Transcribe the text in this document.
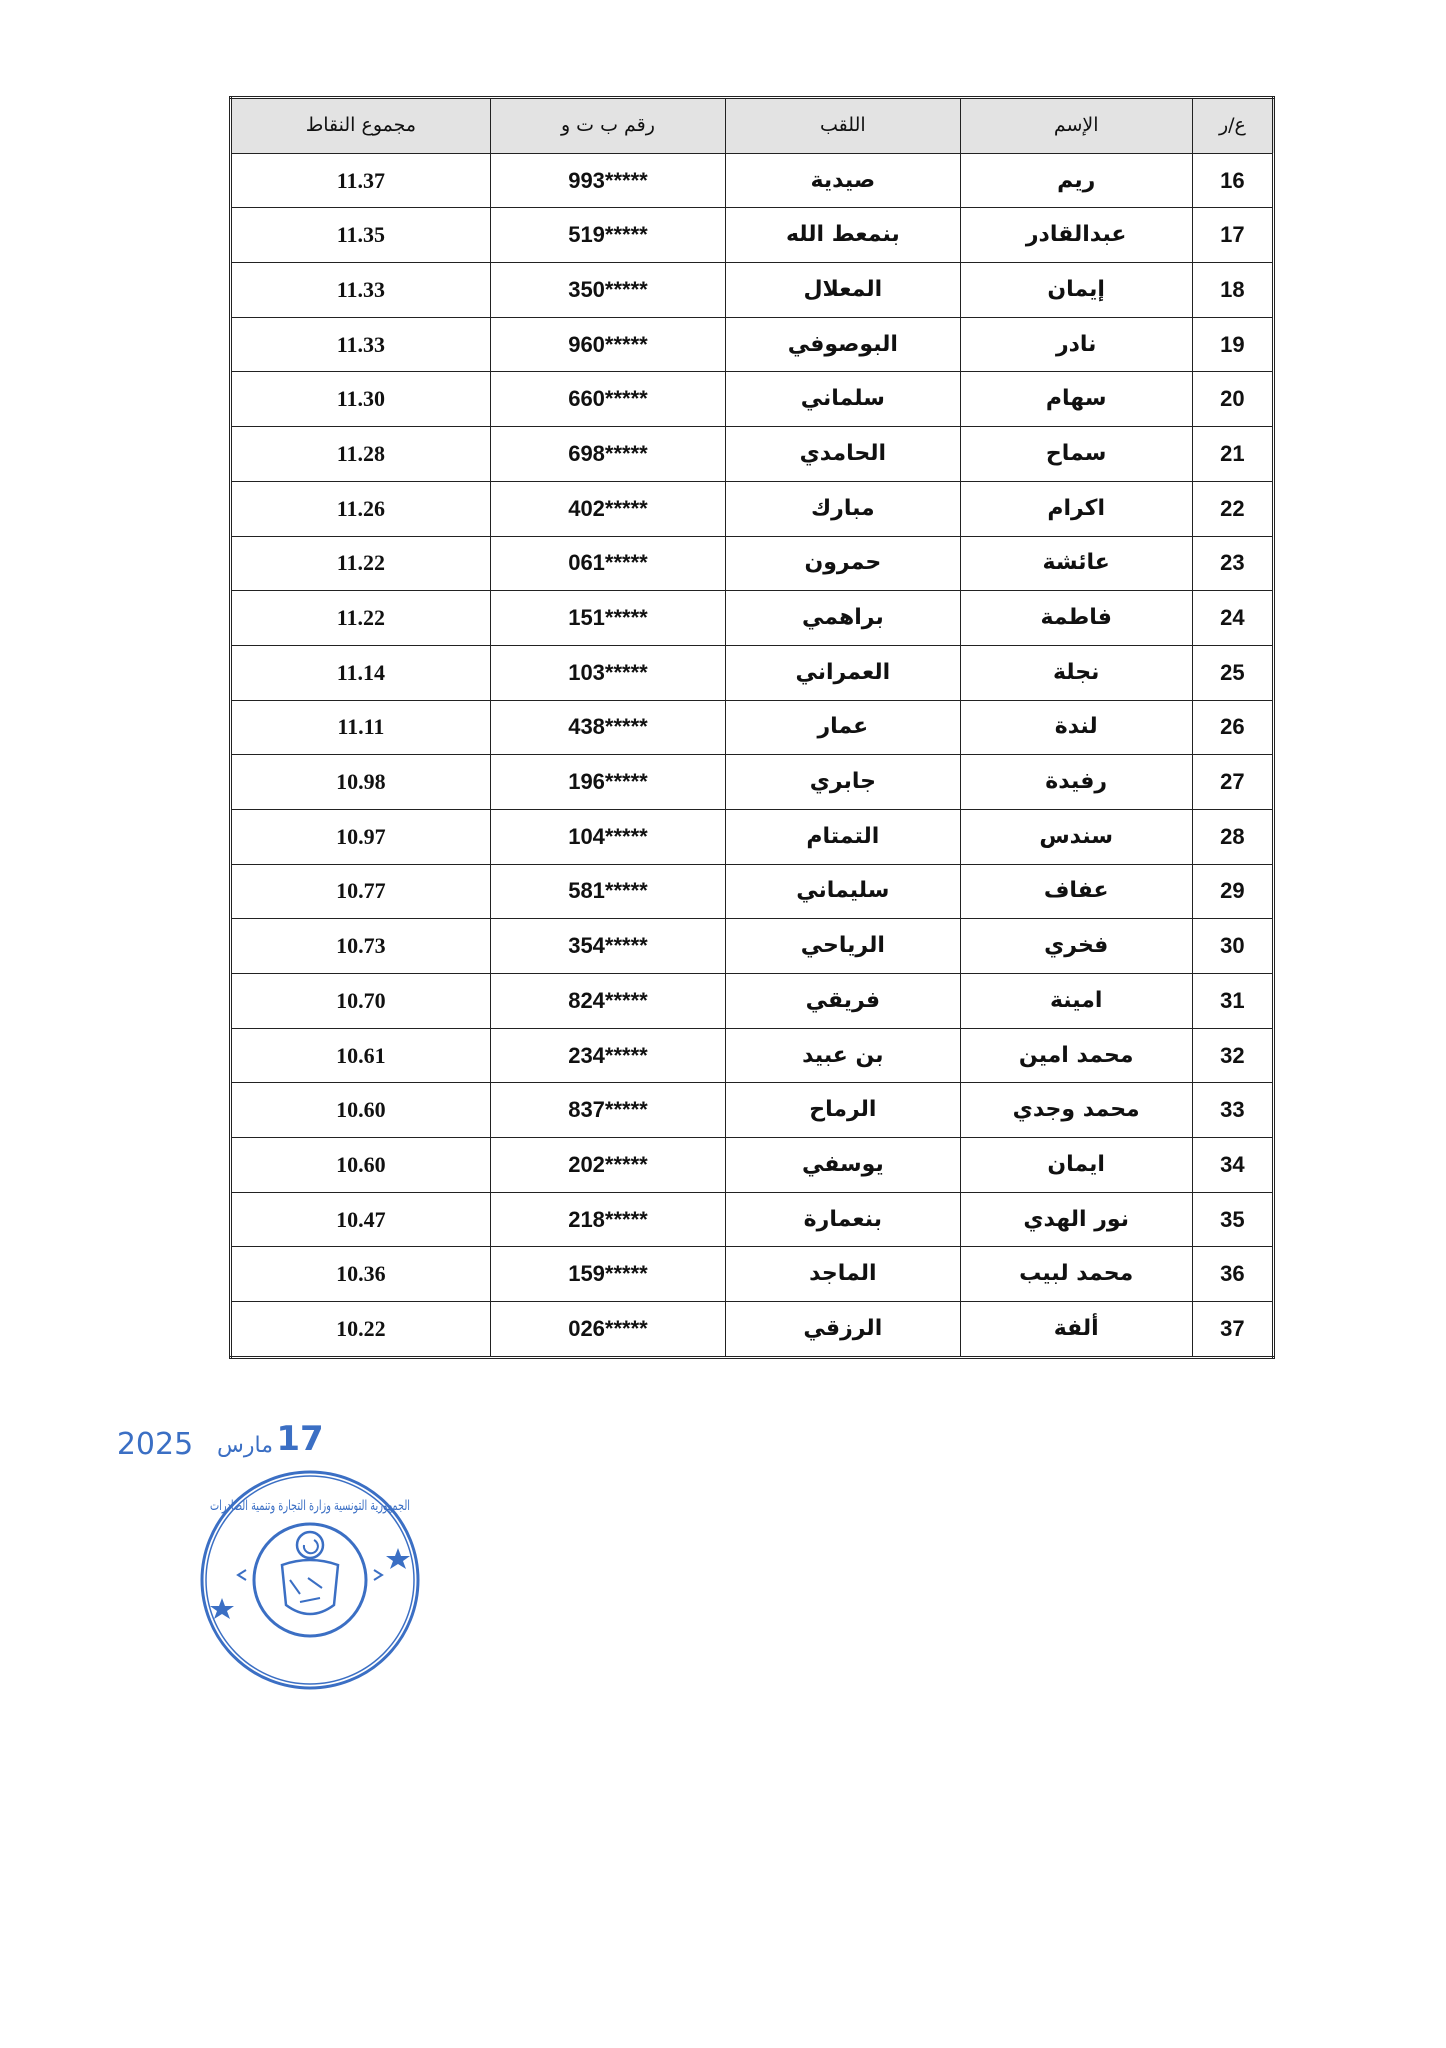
ع/ر	الإسم	اللقب	رقم ب ت و	مجموع النقاط
16	ريم	صيدية	993*****	11.37
17	عبدالقادر	بنمعط الله	519*****	11.35
18	إيمان	المعلال	350*****	11.33
19	نادر	البوصوفي	960*****	11.33
20	سهام	سلماني	660*****	11.30
21	سماح	الحامدي	698*****	11.28
22	اكرام	مبارك	402*****	11.26
23	عائشة	حمرون	061*****	11.22
24	فاطمة	براهمي	151*****	11.22
25	نجلة	العمراني	103*****	11.14
26	لندة	عمار	438*****	11.11
27	رفيدة	جابري	196*****	10.98
28	سندس	التمتام	104*****	10.97
29	عفاف	سليماني	581*****	10.77
30	فخري	الرياحي	354*****	10.73
31	امينة	فريقي	824*****	10.70
32	محمد امين	بن عبيد	234*****	10.61
33	محمد وجدي	الرماح	837*****	10.60
34	ايمان	يوسفي	202*****	10.60
35	نور الهدي	بنعمارة	218*****	10.47
36	محمد لبيب	الماجد	159*****	10.36
37	ألفة	الرزقي	026*****	10.22
17
مارس
2025
الجمهورية التونسية وزارة التجارة وتنمية الصادرات
